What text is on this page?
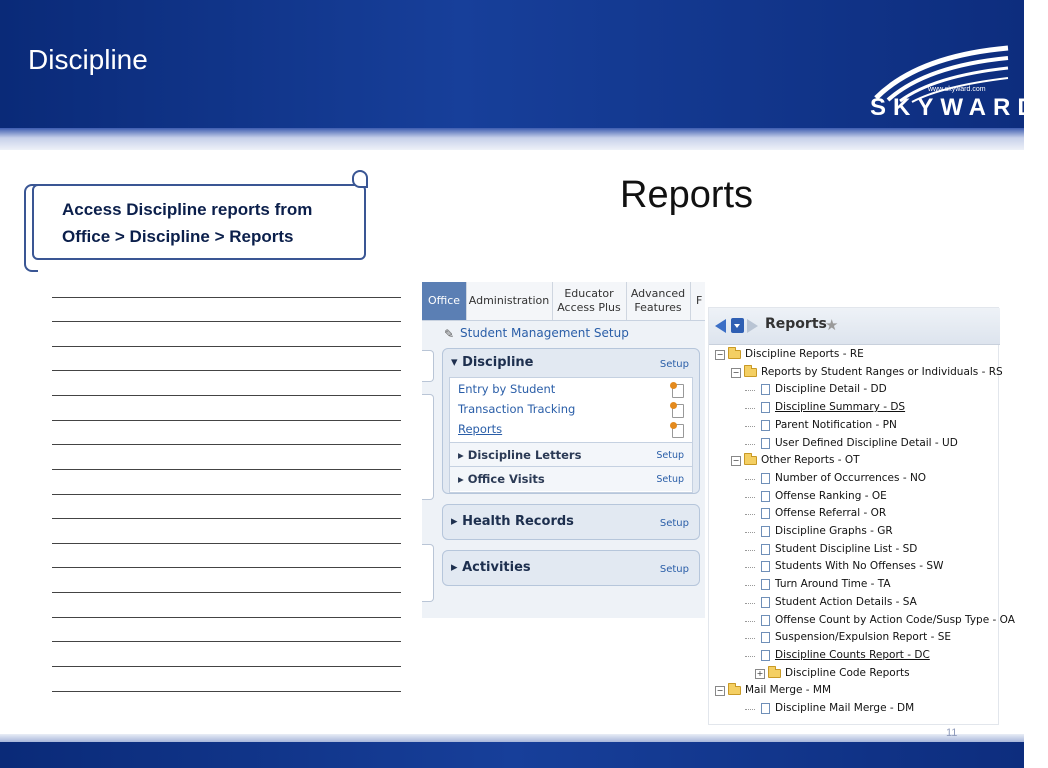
Discipline
www.skyward.com
SKYWARD®
Access Discipline reports from
Office > Discipline > Reports
Reports
Office Administration
Educator
Access Plus
Advanced
Features
F
✎ Student Management Setup
▾ Discipline	Setup
Entry by Student
Transaction Tracking
Reports
▸ Discipline Letters	Setup
▸ Office Visits	Setup
▸ Health Records	Setup
▸ Activities	Setup
Reports
★
− Discipline Reports - RE
− Reports by Student Ranges or Individuals - RS
Discipline Detail - DD
Discipline Summary - DS
Parent Notification - PN
User Defined Discipline Detail - UD
− Other Reports - OT
Number of Occurrences - NO
Offense Ranking - OE
Offense Referral - OR
Discipline Graphs - GR
Student Discipline List - SD
Students With No Offenses - SW
Turn Around Time - TA
Student Action Details - SA
Offense Count by Action Code/Susp Type - OA
Suspension/Expulsion Report - SE
Discipline Counts Report - DC
+ Discipline Code Reports
− Mail Merge - MM
Discipline Mail Merge - DM
11
